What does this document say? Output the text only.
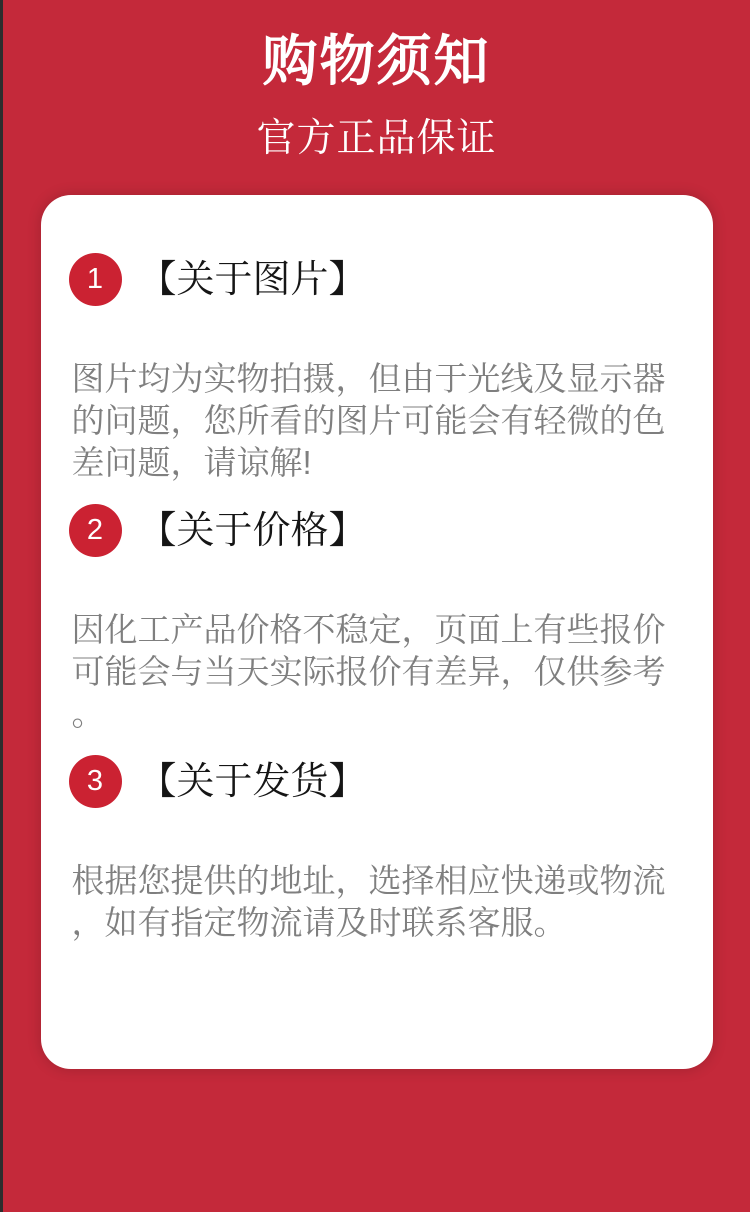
购物须知
官方正品保证
1 【关于图片】

图片均为实物拍摄，但由于光线及显示器
的问题，您所看的图片可能会有轻微的色
差问题，请谅解!

2 【关于价格】

因化工产品价格不稳定，页面上有些报价
可能会与当天实际报价有差异，仅供参考
。

3 【关于发货】

根据您提供的地址，选择相应快递或物流
，如有指定物流请及时联系客服。
